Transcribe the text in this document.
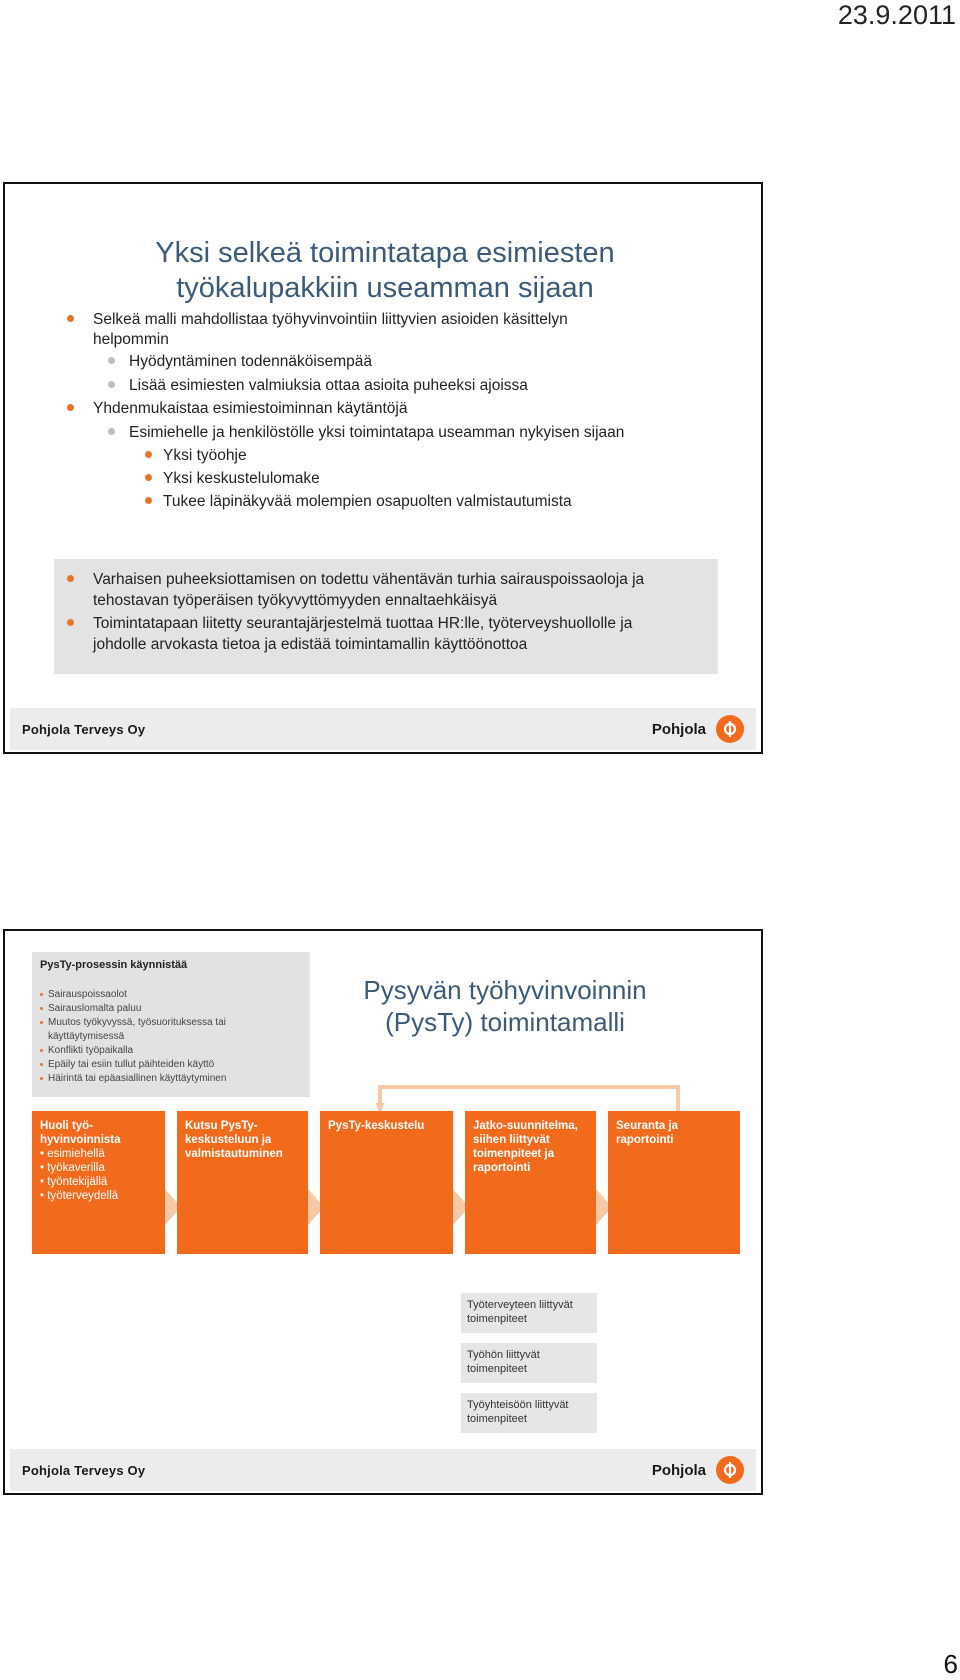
23.9.2011
Yksi selkeä toimintatapa esimiesten
työkalupakkiin useamman sijaan
Selkeä malli mahdollistaa työhyvinvointiin liittyvien asioiden käsittelyn
helpommin
Hyödyntäminen todennäköisempää
Lisää esimiesten valmiuksia ottaa asioita puheeksi ajoissa
Yhdenmukaistaa esimiestoiminnan käytäntöjä
Esimiehelle ja henkilöstölle yksi toimintatapa useamman nykyisen sijaan
Yksi työohje
Yksi keskustelulomake
Tukee läpinäkyvää molempien osapuolten valmistautumista
Varhaisen puheeksiottamisen on todettu vähentävän turhia sairauspoissaoloja ja
tehostavan työperäisen työkyvyttömyyden ennaltaehkäisyä
Toimintatapaan liitetty seurantajärjestelmä tuottaa HR:lle, työterveyshuollolle ja
johdolle arvokasta tietoa ja edistää toimintamallin käyttöönottoa
Pohjola Terveys Oy	Pohjola
PysTy-prosessin käynnistää
Sairauspoissaolot
Sairauslomalta paluu
Muutos työkyvyssä, työsuorituksessa tai
käyttäytymisessä
Konflikti työpaikalla
Epäily tai esiin tullut päihteiden käyttö
Häirintä tai epäasiallinen käyttäytyminen
Pysyvän työhyvinvoinnin
(PysTy) toimintamalli
Huoli työ-
hyvinvoinnista
• esimiehellä
• työkaverilla
• työntekijällä
• työterveydellä
Kutsu PysTy-
keskusteluun ja
valmistautuminen
PysTy-keskustelu	Jatko-suunnitelma,
siihen liittyvät
toimenpiteet ja
raportointi
Seuranta ja
raportointi
Työterveyteen liittyvät
toimenpiteet
Työhön liittyvät
toimenpiteet
Työyhteisöön liittyvät
toimenpiteet
Pohjola Terveys Oy	Pohjola
6
